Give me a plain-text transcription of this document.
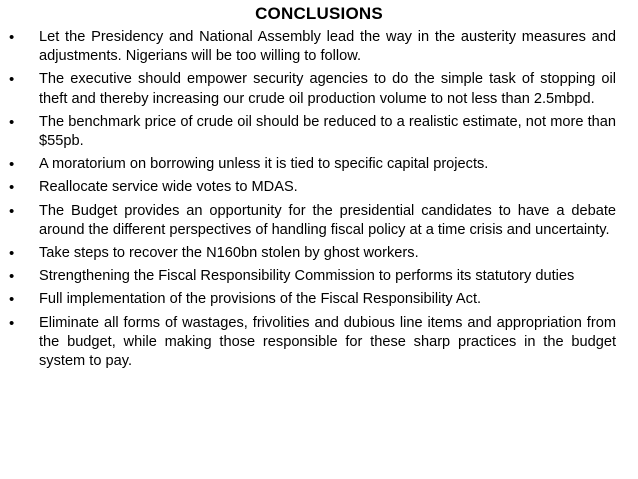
CONCLUSIONS
• Let the Presidency and National Assembly lead the way in the austerity measures and adjustments. Nigerians will be too willing to follow.
• The executive should empower security agencies to do the simple task of stopping oil theft and thereby increasing our crude oil production volume to not less than 2.5mbpd.
• The benchmark price of crude oil should be reduced to a realistic estimate, not more than $55pb.
• A moratorium on borrowing unless it is tied to specific capital projects.
• Reallocate service wide votes to MDAS.
• The Budget provides an opportunity for the presidential candidates to have a debate around the different perspectives of handling fiscal policy at a time crisis and uncertainty.
• Take steps to recover the N160bn stolen by ghost workers.
• Strengthening the Fiscal Responsibility Commission to performs its statutory duties
• Full implementation of the provisions of the Fiscal Responsibility Act.
• Eliminate all forms of wastages, frivolities and dubious line items and appropriation from the budget, while making those responsible for these sharp practices in the budget system to pay.
